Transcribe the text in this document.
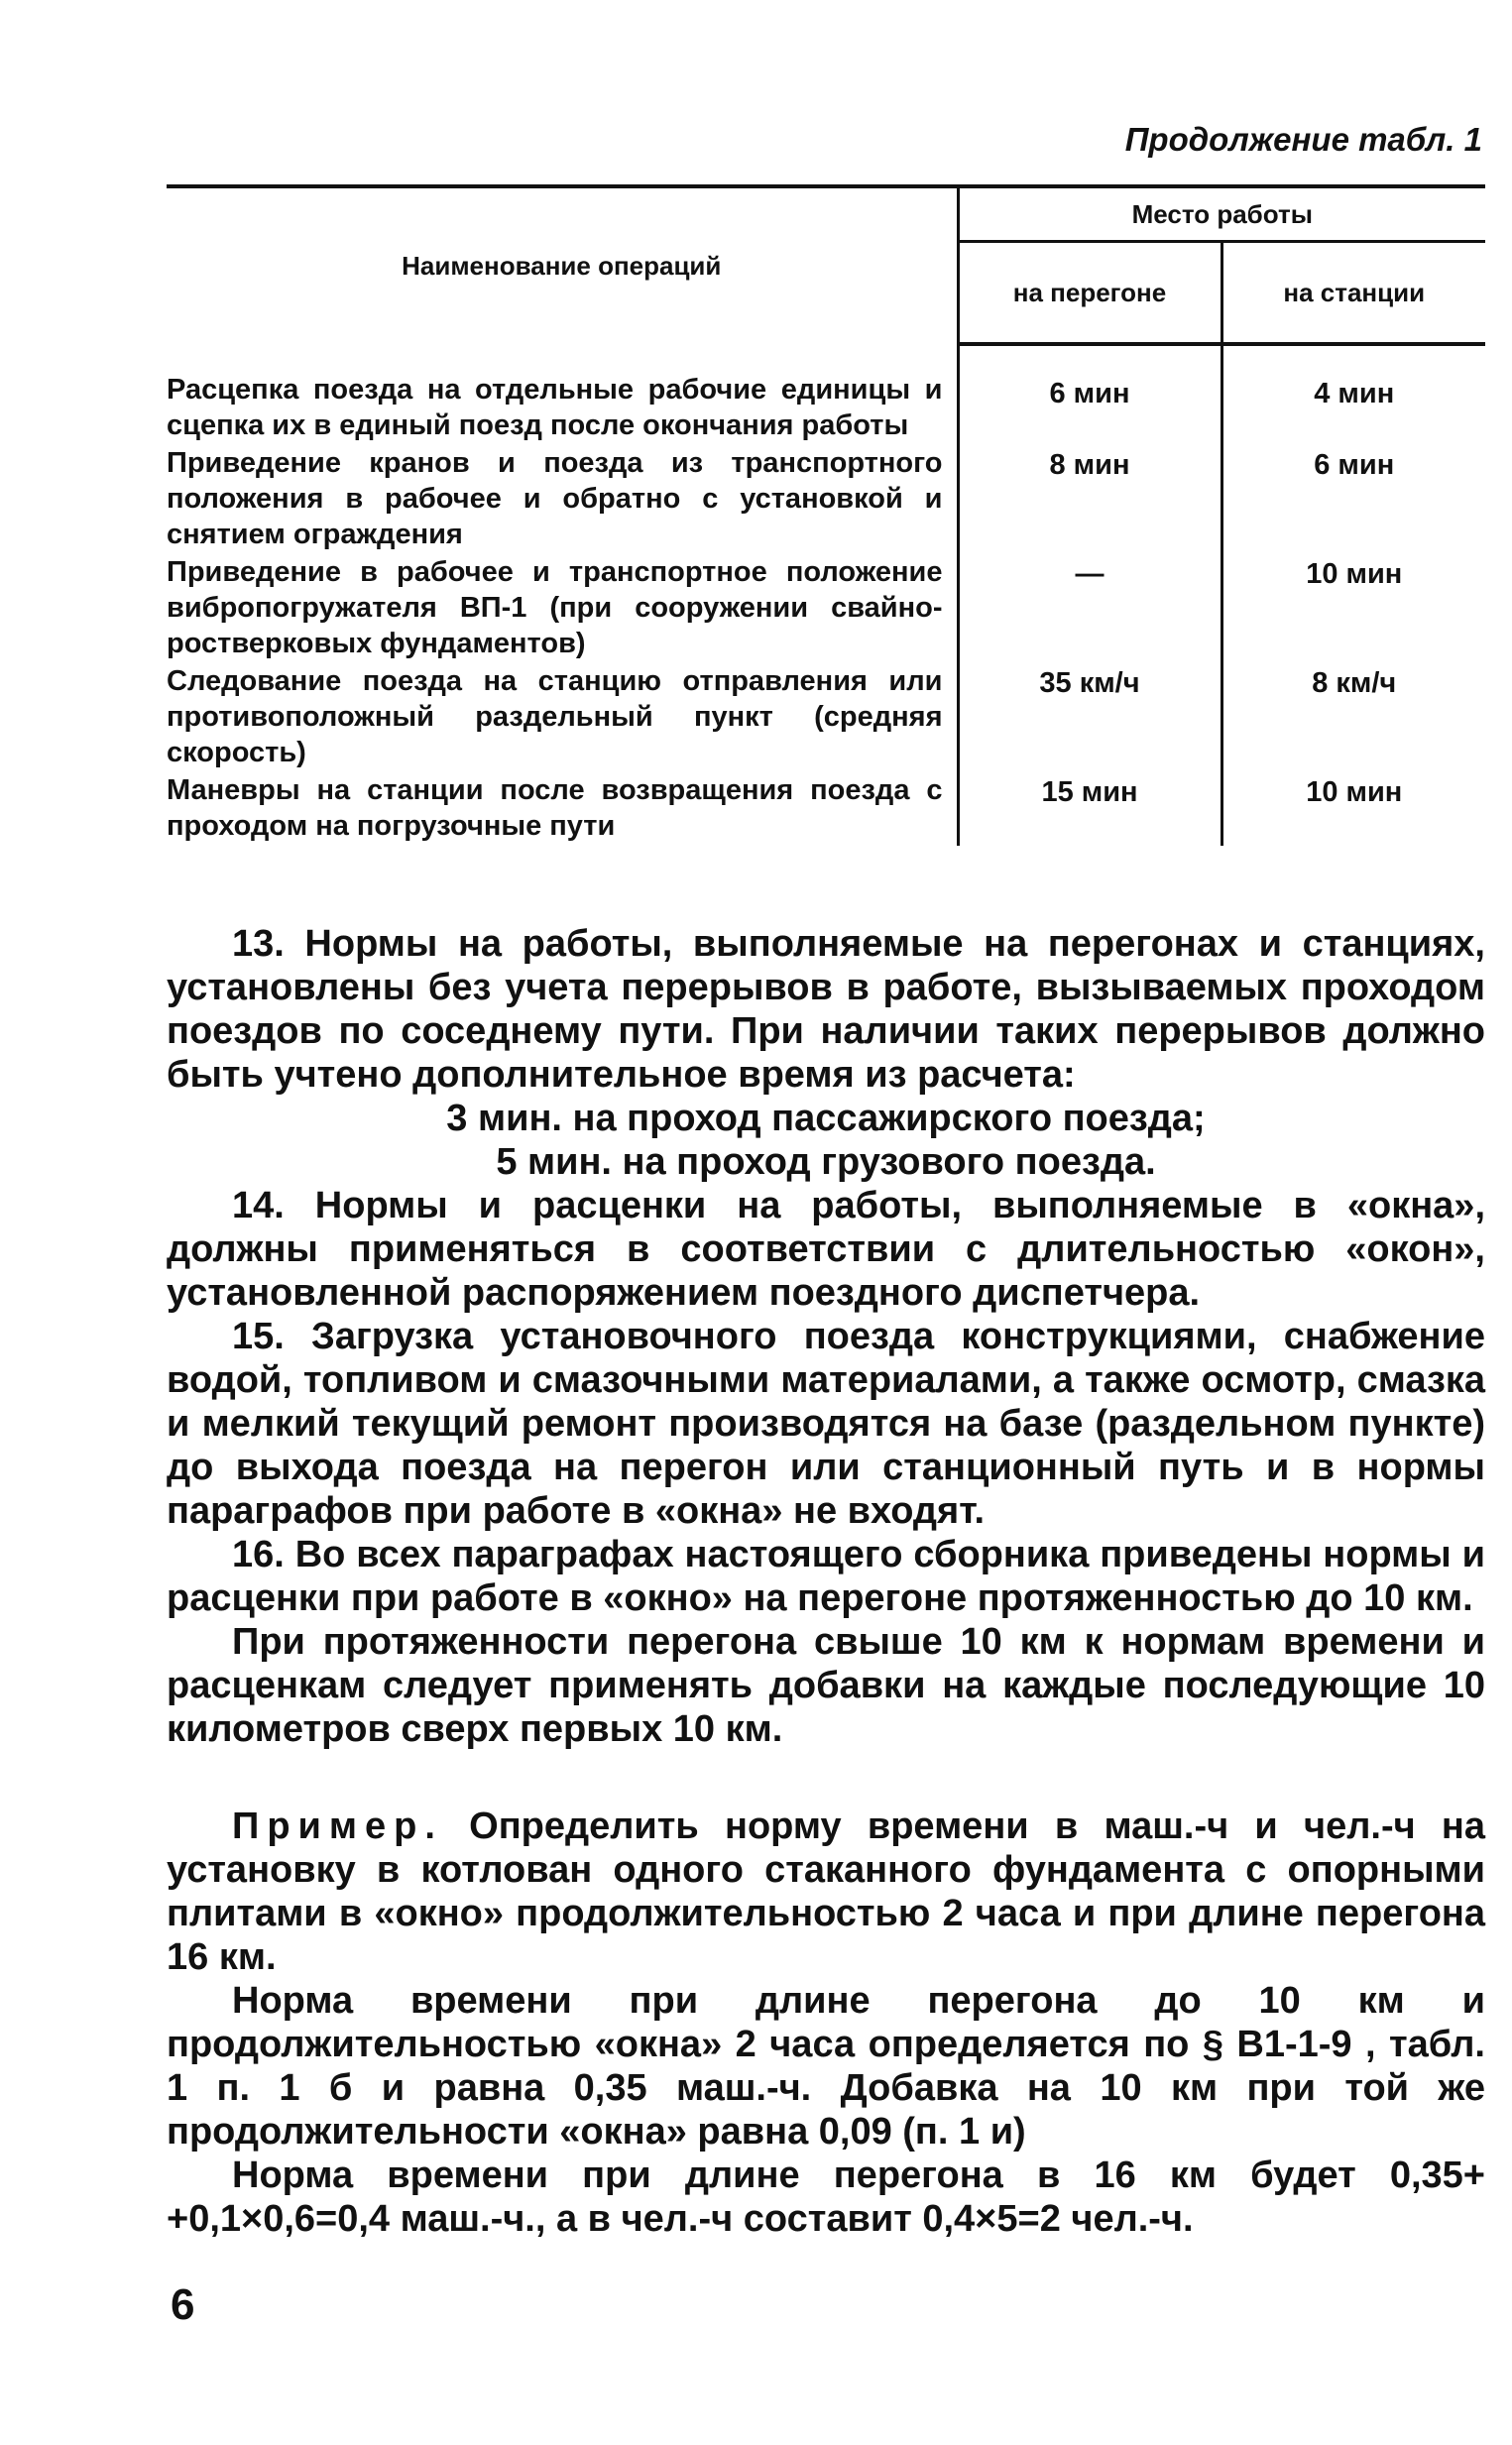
Продолжение табл. 1
Наименование операций	Место работы	
	на перегоне	на станции
Расцепка поезда на отдельные рабочие единицы и сцепка их в единый поезд после окончания работы	6 мин	4 мин
Приведение кранов и поезда из транспортного положения в рабочее и обратно с установкой и снятием ограждения	8 мин	6 мин
Приведение в рабочее и транспортное положение вибропогружателя ВП-1 (при сооружении свайно-ростверковых фундаментов)	—	10 мин
Следование поезда на станцию отправления или противоположный раздельный пункт (средняя скорость)	35 км/ч	8 км/ч
Маневры на станции после возвращения поезда с проходом на погрузочные пути	15 мин	10 мин

13. Нормы на работы, выполняемые на перегонах и станциях, установлены без учета перерывов в работе, вызываемых проходом поездов по соседнему пути. При наличии таких перерывов должно быть учтено дополнительное время из расчета:

3 мин. на проход пассажирского поезда;

5 мин. на проход грузового поезда.

14. Нормы и расценки на работы, выполняемые в «окна», должны применяться в соответствии с длительностью «окон», установленной распоряжением поездного диспетчера.

15. Загрузка установочного поезда конструкциями, снабжение водой, топливом и смазочными материалами, а также осмотр, смазка и мелкий текущий ремонт производятся на базе (раздельном пункте) до выхода поезда на перегон или станционный путь и в нормы параграфов при работе в «окна» не входят.

16. Во всех параграфах настоящего сборника приведены нормы и расценки при работе в «окно» на перегоне протяженностью до 10 км.

При протяженности перегона свыше 10 км к нормам времени и расценкам следует применять добавки на каждые последующие 10 километров сверх первых 10 км.

Пример. Определить норму времени в маш.-ч и чел.-ч на установку в котлован одного стаканного фундамента с опорными плитами в «окно» продолжительностью 2 часа и при длине перегона 16 км.

Норма времени при длине перегона до 10 км и продолжительностью «окна» 2 часа определяется по § В1-1-9 , табл. 1 п. 1 б и равна 0,35 маш.-ч. Добавка на 10 км при той же продолжительности «окна» равна 0,09 (п. 1 и)

Норма времени при длине перегона в 16 км будет 0,35+ +0,1×0,6=0,4 маш.-ч., а в чел.-ч составит 0,4×5=2 чел.-ч.

6
